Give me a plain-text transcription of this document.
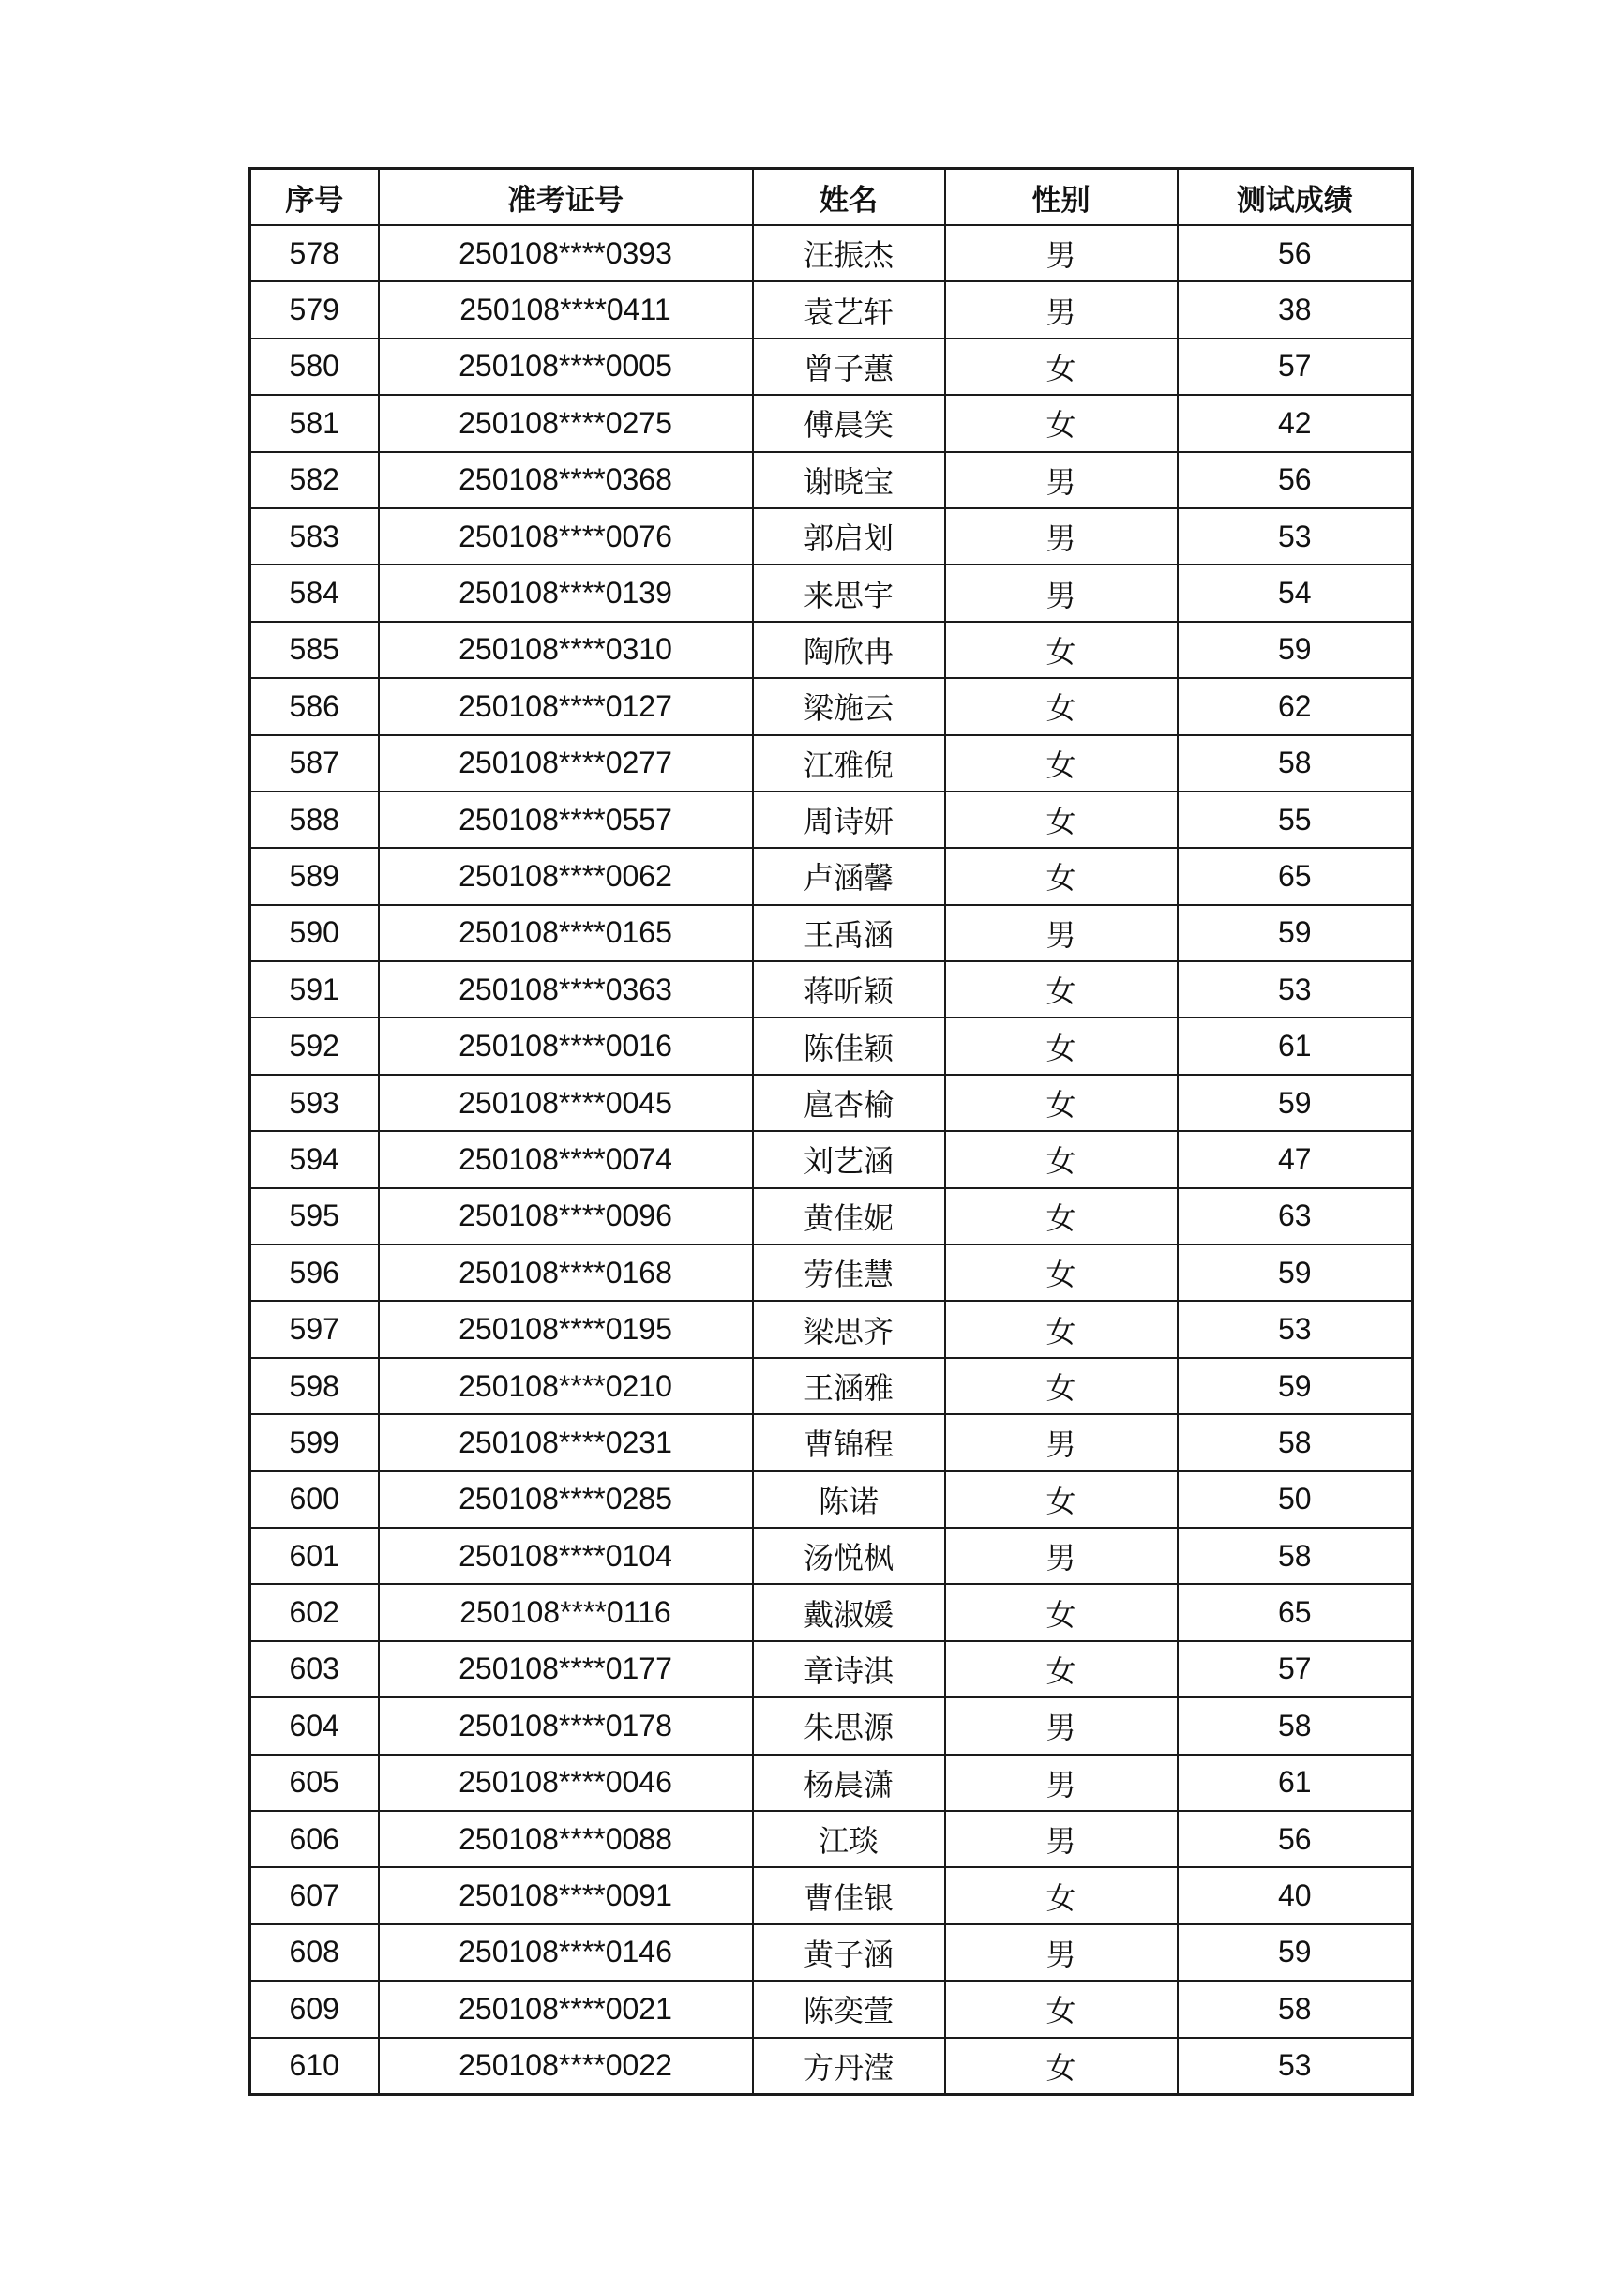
序号	准考证号	姓名	性别	测试成绩
578	250108****0393	汪振杰	男	56
579	250108****0411	袁艺轩	男	38
580	250108****0005	曾子蕙	女	57
581	250108****0275	傅晨笑	女	42
582	250108****0368	谢晓宝	男	56
583	250108****0076	郭启划	男	53
584	250108****0139	来思宇	男	54
585	250108****0310	陶欣冉	女	59
586	250108****0127	梁施云	女	62
587	250108****0277	江雅倪	女	58
588	250108****0557	周诗妍	女	55
589	250108****0062	卢涵馨	女	65
590	250108****0165	王禹涵	男	59
591	250108****0363	蒋昕颖	女	53
592	250108****0016	陈佳颖	女	61
593	250108****0045	扈杏榆	女	59
594	250108****0074	刘艺涵	女	47
595	250108****0096	黄佳妮	女	63
596	250108****0168	劳佳慧	女	59
597	250108****0195	梁思齐	女	53
598	250108****0210	王涵雅	女	59
599	250108****0231	曹锦程	男	58
600	250108****0285	陈诺	女	50
601	250108****0104	汤悦枫	男	58
602	250108****0116	戴淑媛	女	65
603	250108****0177	章诗淇	女	57
604	250108****0178	朱思源	男	58
605	250108****0046	杨晨潇	男	61
606	250108****0088	江琰	男	56
607	250108****0091	曹佳银	女	40
608	250108****0146	黄子涵	男	59
609	250108****0021	陈奕萱	女	58
610	250108****0022	方丹滢	女	53
